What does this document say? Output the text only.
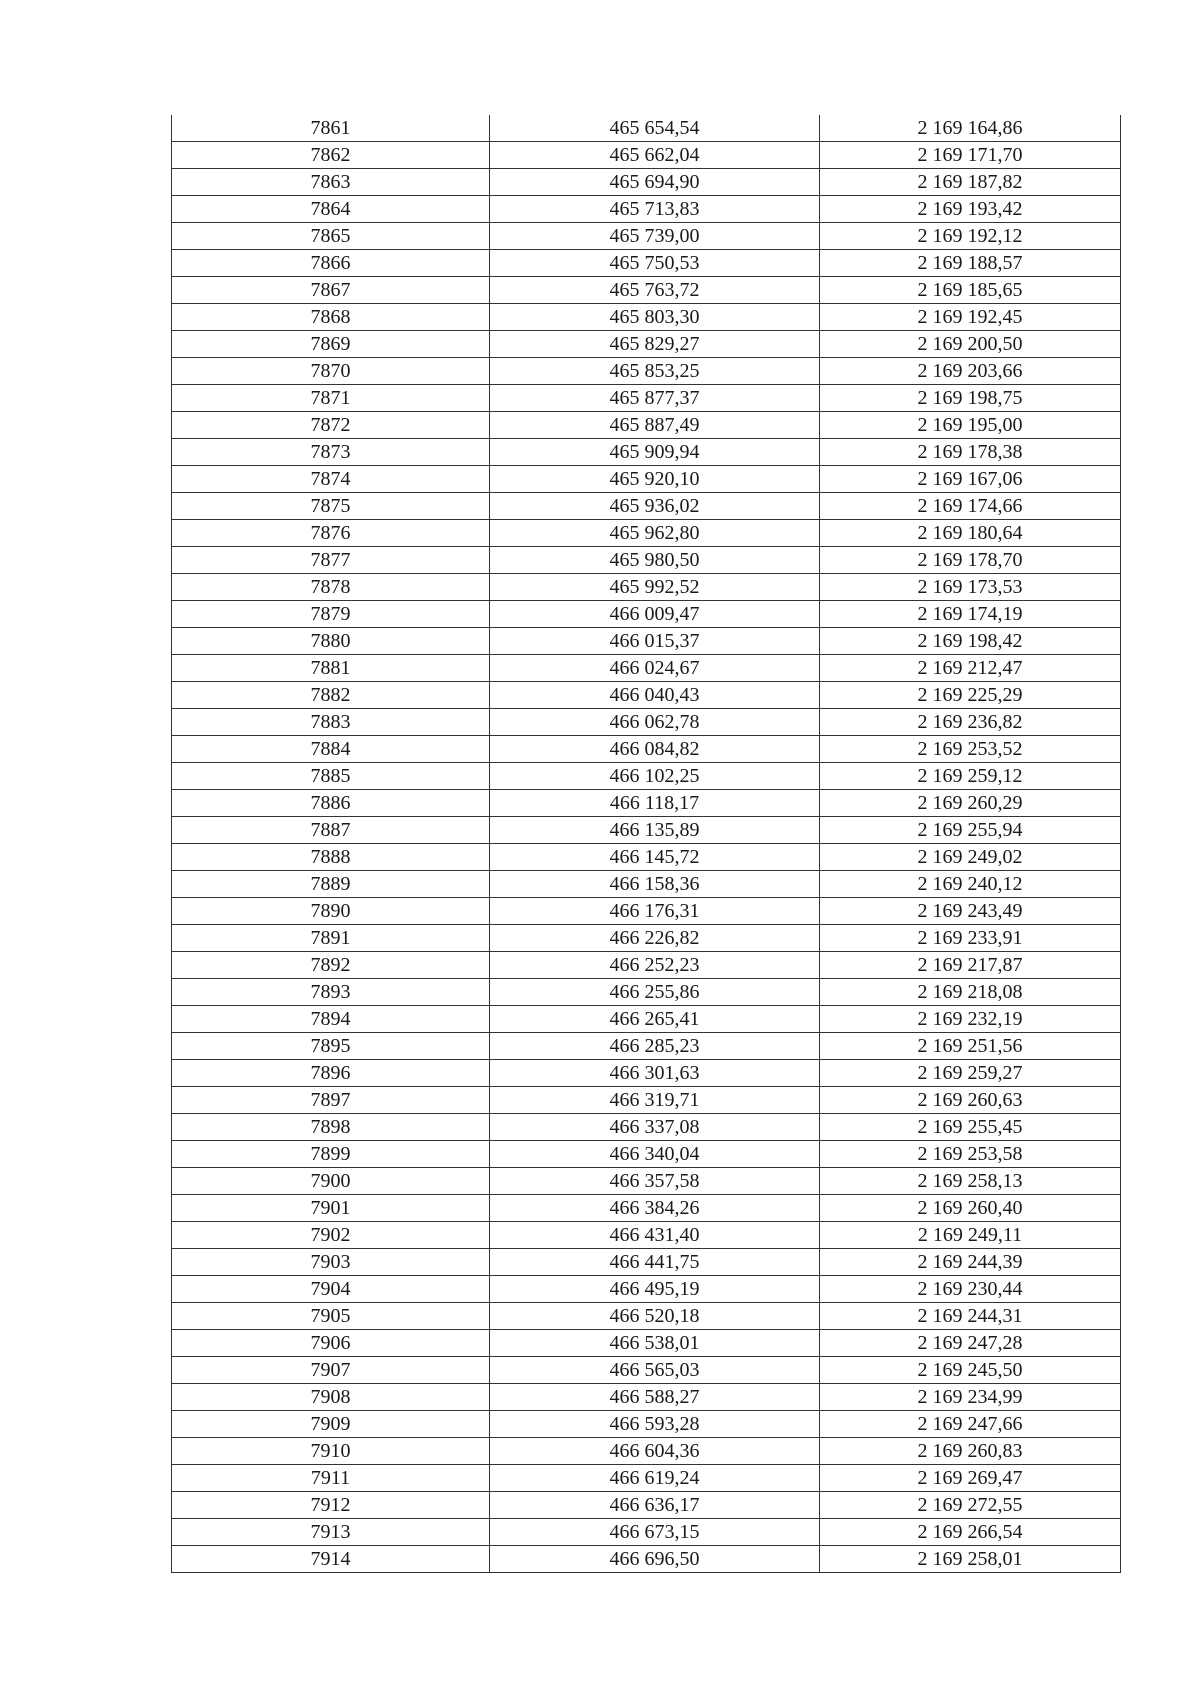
7861	465 654,54	2 169 164,86
7862	465 662,04	2 169 171,70
7863	465 694,90	2 169 187,82
7864	465 713,83	2 169 193,42
7865	465 739,00	2 169 192,12
7866	465 750,53	2 169 188,57
7867	465 763,72	2 169 185,65
7868	465 803,30	2 169 192,45
7869	465 829,27	2 169 200,50
7870	465 853,25	2 169 203,66
7871	465 877,37	2 169 198,75
7872	465 887,49	2 169 195,00
7873	465 909,94	2 169 178,38
7874	465 920,10	2 169 167,06
7875	465 936,02	2 169 174,66
7876	465 962,80	2 169 180,64
7877	465 980,50	2 169 178,70
7878	465 992,52	2 169 173,53
7879	466 009,47	2 169 174,19
7880	466 015,37	2 169 198,42
7881	466 024,67	2 169 212,47
7882	466 040,43	2 169 225,29
7883	466 062,78	2 169 236,82
7884	466 084,82	2 169 253,52
7885	466 102,25	2 169 259,12
7886	466 118,17	2 169 260,29
7887	466 135,89	2 169 255,94
7888	466 145,72	2 169 249,02
7889	466 158,36	2 169 240,12
7890	466 176,31	2 169 243,49
7891	466 226,82	2 169 233,91
7892	466 252,23	2 169 217,87
7893	466 255,86	2 169 218,08
7894	466 265,41	2 169 232,19
7895	466 285,23	2 169 251,56
7896	466 301,63	2 169 259,27
7897	466 319,71	2 169 260,63
7898	466 337,08	2 169 255,45
7899	466 340,04	2 169 253,58
7900	466 357,58	2 169 258,13
7901	466 384,26	2 169 260,40
7902	466 431,40	2 169 249,11
7903	466 441,75	2 169 244,39
7904	466 495,19	2 169 230,44
7905	466 520,18	2 169 244,31
7906	466 538,01	2 169 247,28
7907	466 565,03	2 169 245,50
7908	466 588,27	2 169 234,99
7909	466 593,28	2 169 247,66
7910	466 604,36	2 169 260,83
7911	466 619,24	2 169 269,47
7912	466 636,17	2 169 272,55
7913	466 673,15	2 169 266,54
7914	466 696,50	2 169 258,01
